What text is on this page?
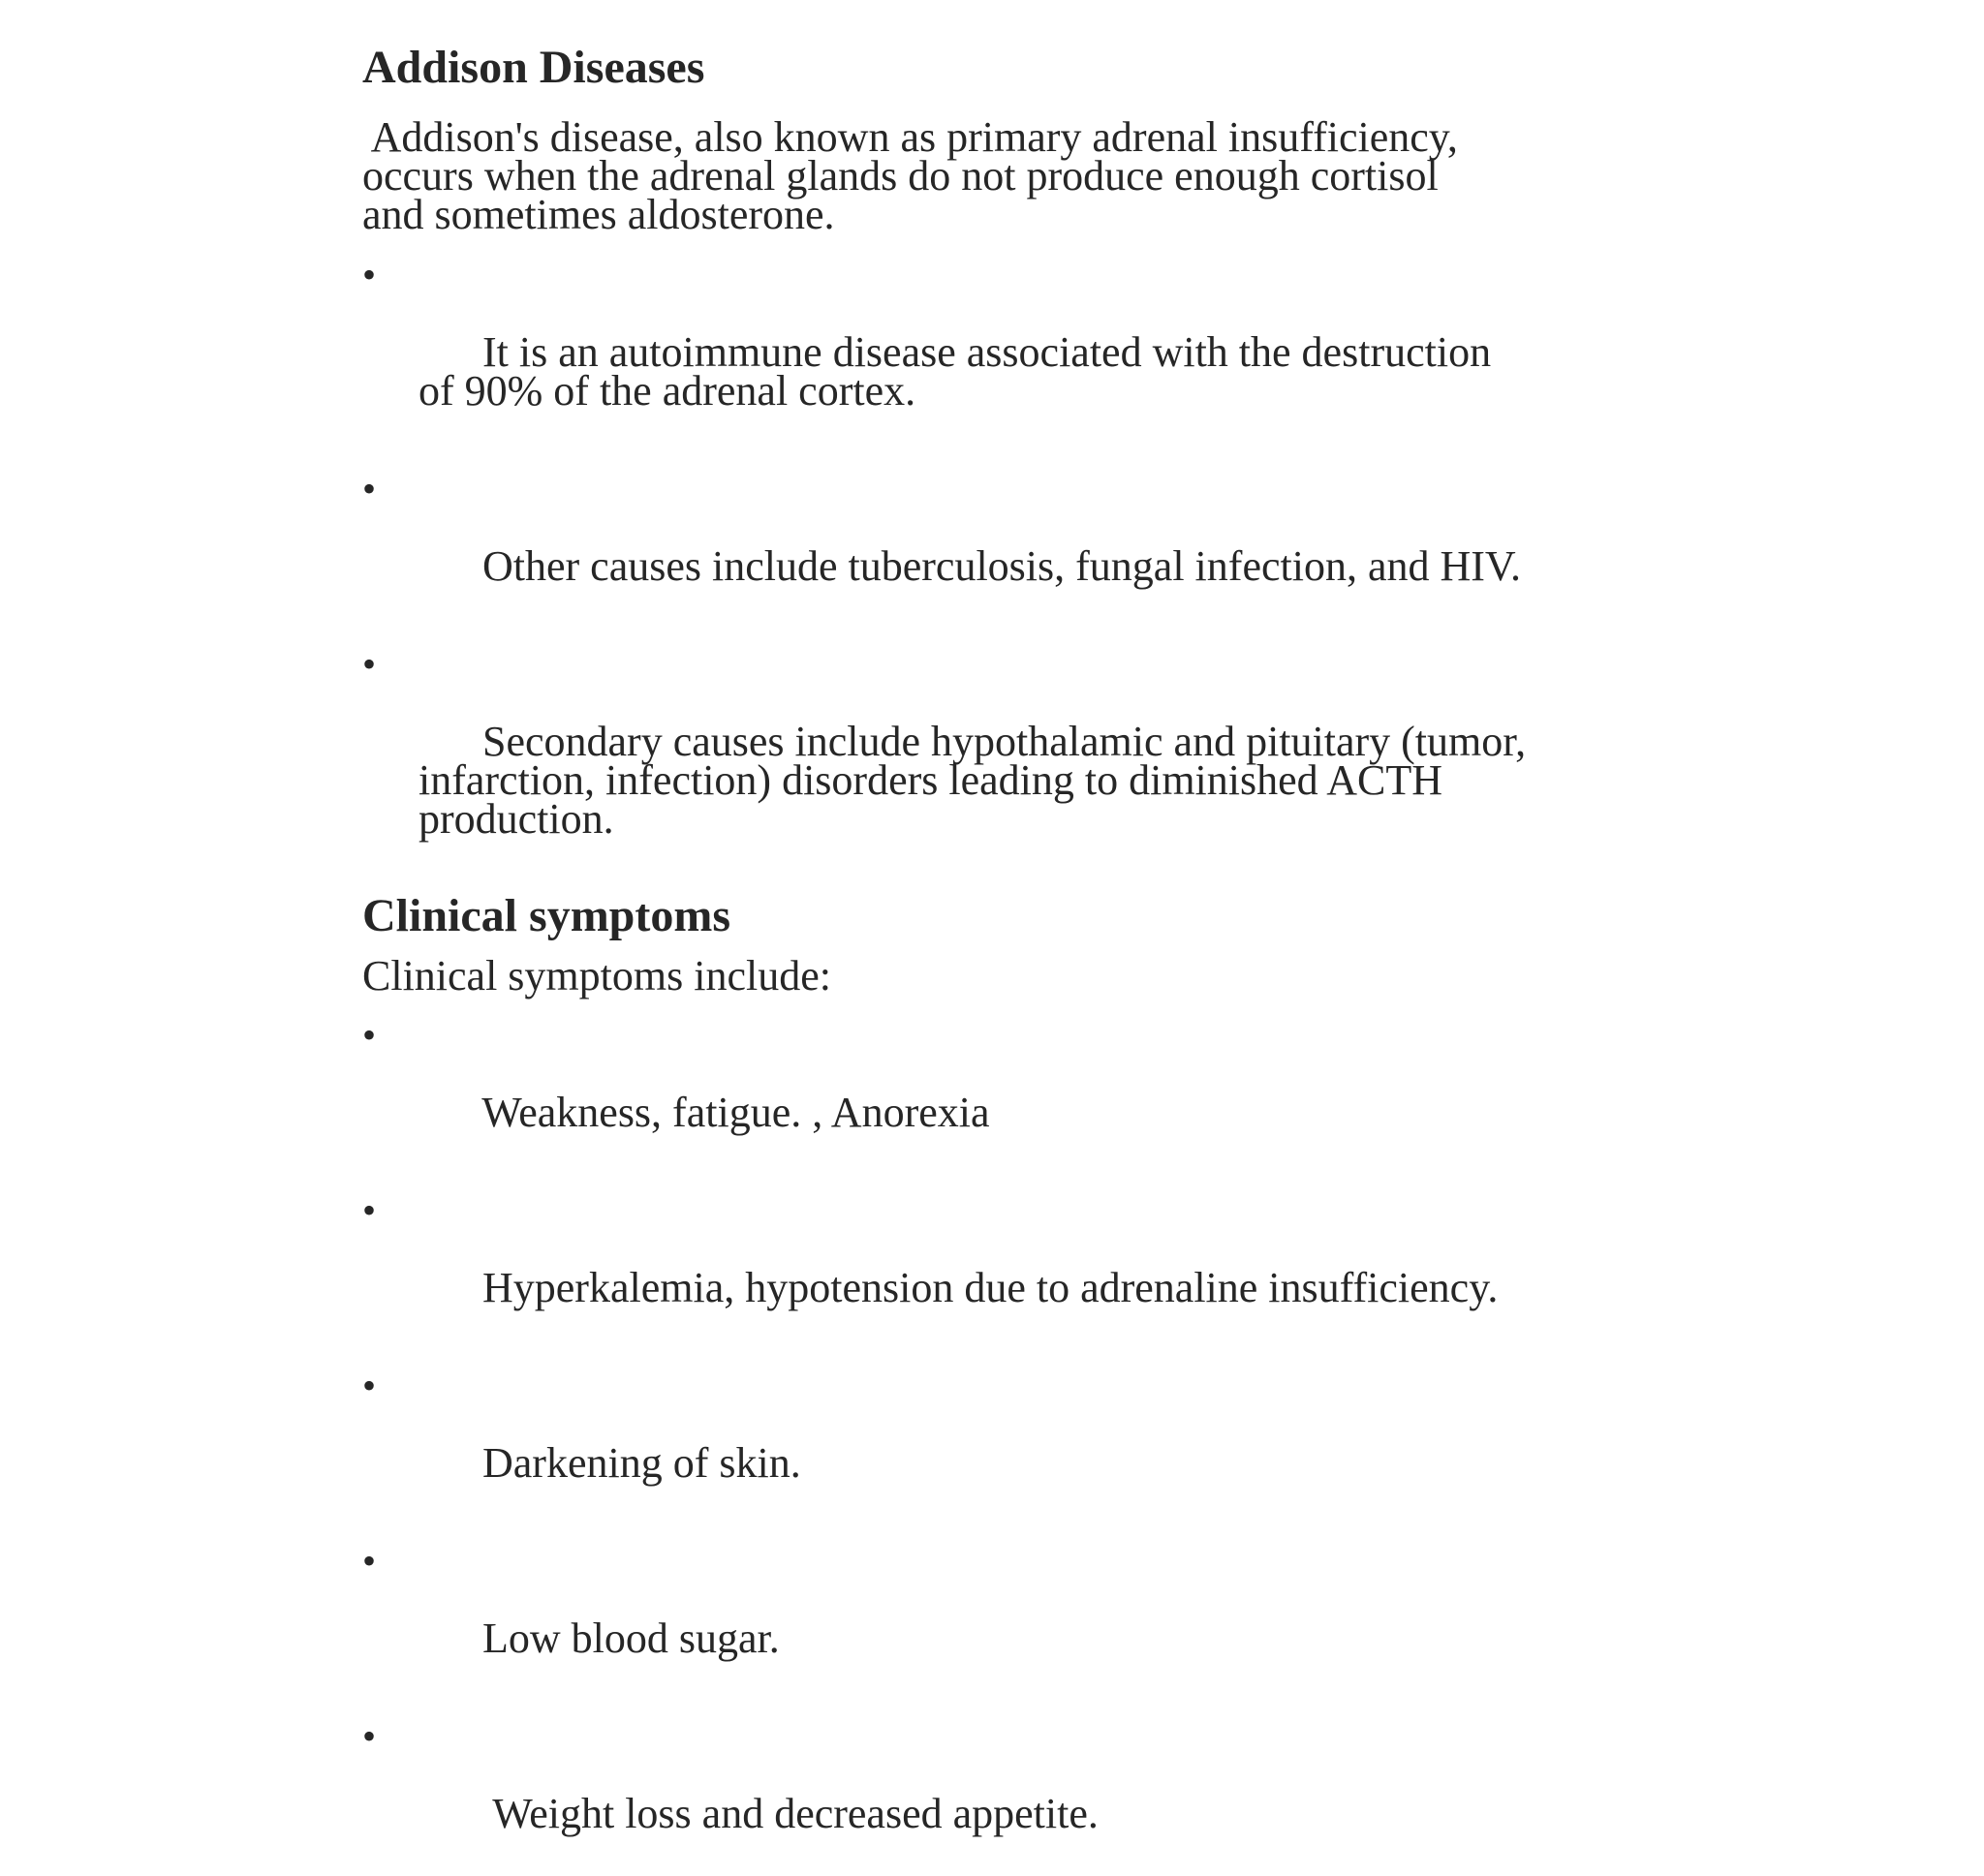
Addison Diseases

Addison's disease, also known as primary adrenal insufficiency,
occurs when the adrenal glands do not produce enough cortisol
and sometimes aldosterone.

•

It is an autoimmune disease associated with the destruction
of 90% of the adrenal cortex.

•

Other causes include tuberculosis, fungal infection, and HIV.

•

Secondary causes include hypothalamic and pituitary (tumor,
infarction, infection) disorders leading to diminished ACTH
production.

Clinical symptoms

Clinical symptoms include:

•

Weakness, fatigue. , Anorexia

•

Hyperkalemia, hypotension due to adrenaline insufficiency.

•

Darkening of skin.

•

Low blood sugar.

•

Weight loss and decreased appetite.
